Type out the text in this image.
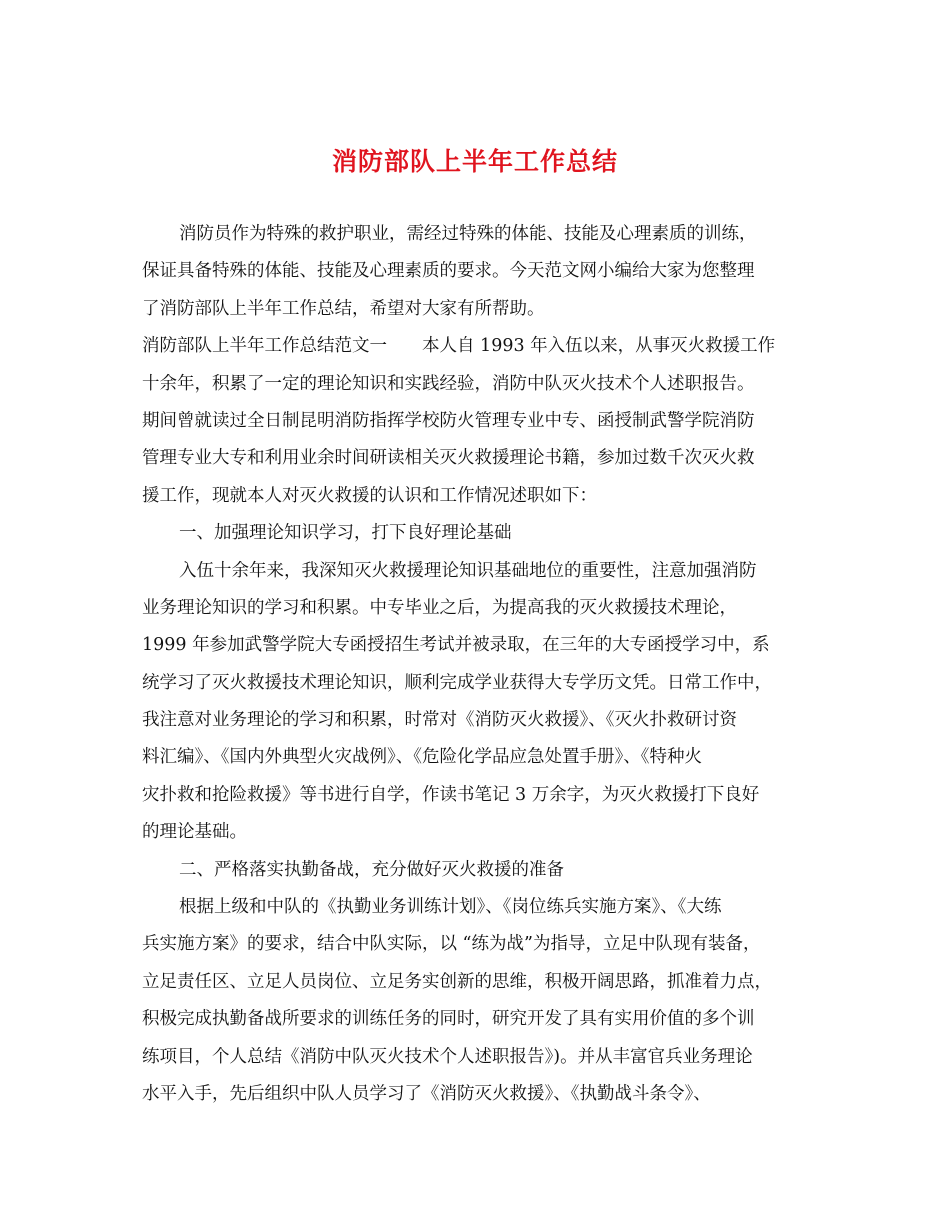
消防部队上半年工作总结
消防员作为特殊的救护职业，需经过特殊的体能、技能及心理素质的训练，
保证具备特殊的体能、技能及心理素质的要求。今天范文网小编给大家为您整理
了消防部队上半年工作总结，希望对大家有所帮助。
消防部队上半年工作总结范文一　　本人自 1993 年入伍以来，从事灭火救援工作
十余年，积累了一定的理论知识和实践经验，消防中队灭火技术个人述职报告。
期间曾就读过全日制昆明消防指挥学校防火管理专业中专、函授制武警学院消防
管理专业大专和利用业余时间研读相关灭火救援理论书籍，参加过数千次灭火救
援工作，现就本人对灭火救援的认识和工作情况述职如下：
一、加强理论知识学习，打下良好理论基础
入伍十余年来，我深知灭火救援理论知识基础地位的重要性，注意加强消防
业务理论知识的学习和积累。中专毕业之后，为提高我的灭火救援技术理论，
1999 年参加武警学院大专函授招生考试并被录取，在三年的大专函授学习中，系
统学习了灭火救援技术理论知识，顺利完成学业获得大专学历文凭。日常工作中，
我注意对业务理论的学习和积累，时常对《消防灭火救援》、《灭火扑救研讨资
料汇编》、《国内外典型火灾战例》、《危险化学品应急处置手册》、《特种火
灾扑救和抢险救援》等书进行自学，作读书笔记 3 万余字，为灭火救援打下良好
的理论基础。
二、严格落实执勤备战，充分做好灭火救援的准备
根据上级和中队的《执勤业务训练计划》、《岗位练兵实施方案》、《大练
兵实施方案》的要求，结合中队实际，以 “练为战”为指导，立足中队现有装备，
立足责任区、立足人员岗位、立足务实创新的思维，积极开阔思路，抓准着力点，
积极完成执勤备战所要求的训练任务的同时，研究开发了具有实用价值的多个训
练项目，个人总结《消防中队灭火技术个人述职报告》)。并从丰富官兵业务理论
水平入手，先后组织中队人员学习了《消防灭火救援》、《执勤战斗条令》、
